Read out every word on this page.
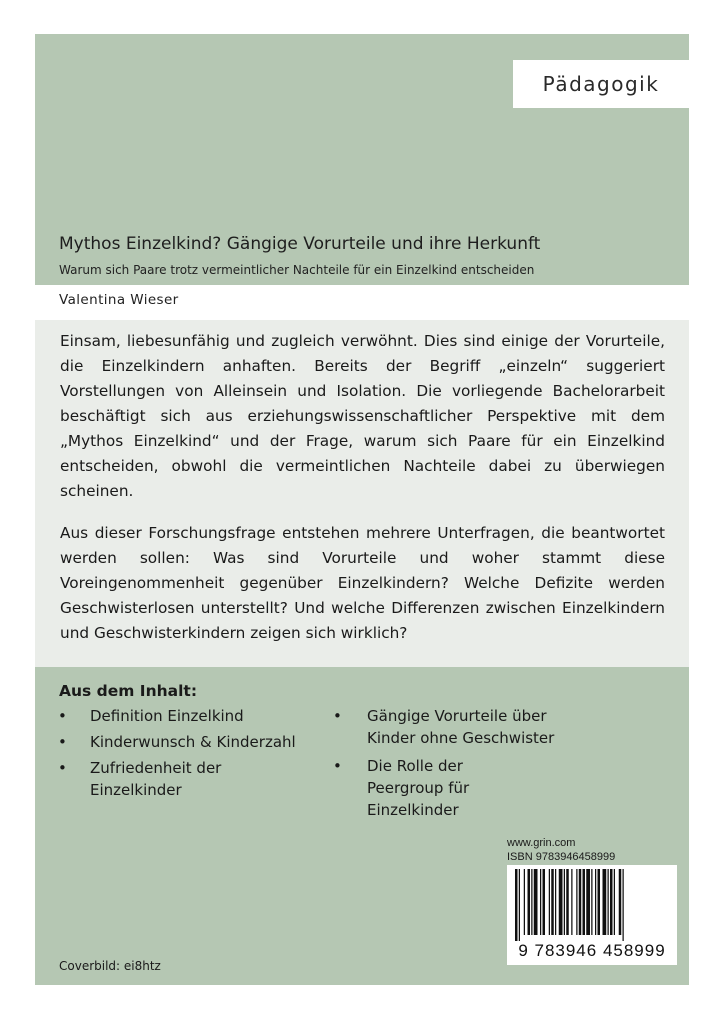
Pädagogik
Mythos Einzelkind? Gängige Vorurteile und ihre Herkunft
Warum sich Paare trotz vermeintlicher Nachteile für ein Einzelkind entscheiden
Valentina Wieser

Einsam, liebesunfähig und zugleich verwöhnt. Dies sind einige der Vorurteile, die Einzelkindern anhaften. Bereits der Begriff „einzeln“ suggeriert Vorstellungen von Alleinsein und Isolation. Die vorliegende Bachelorarbeit beschäftigt sich aus erziehungswissenschaftlicher Perspektive mit dem „Mythos Einzelkind“ und der Frage, warum sich Paare für ein Einzelkind entscheiden, obwohl die vermeintlichen Nachteile dabei zu überwiegen scheinen.

Aus dieser Forschungsfrage entstehen mehrere Unterfragen, die beantwortet werden sollen: Was sind Vorurteile und woher stammt diese Voreingenommenheit gegenüber Einzelkindern? Welche Defizite werden Geschwisterlosen unterstellt? Und welche Differenzen zwischen Einzelkindern und Geschwisterkindern zeigen sich wirklich?

Aus dem Inhalt:
• Definition Einzelkind
• Kinderwunsch & Kinderzahl
• Zufriedenheit der Einzelkinder
• Gängige Vorurteile über Kinder ohne Geschwister
• Die Rolle der Peergroup für Einzelkinder
www.grin.com
ISBN 9783946458999
9 783946 458999
Coverbild: ei8htz
